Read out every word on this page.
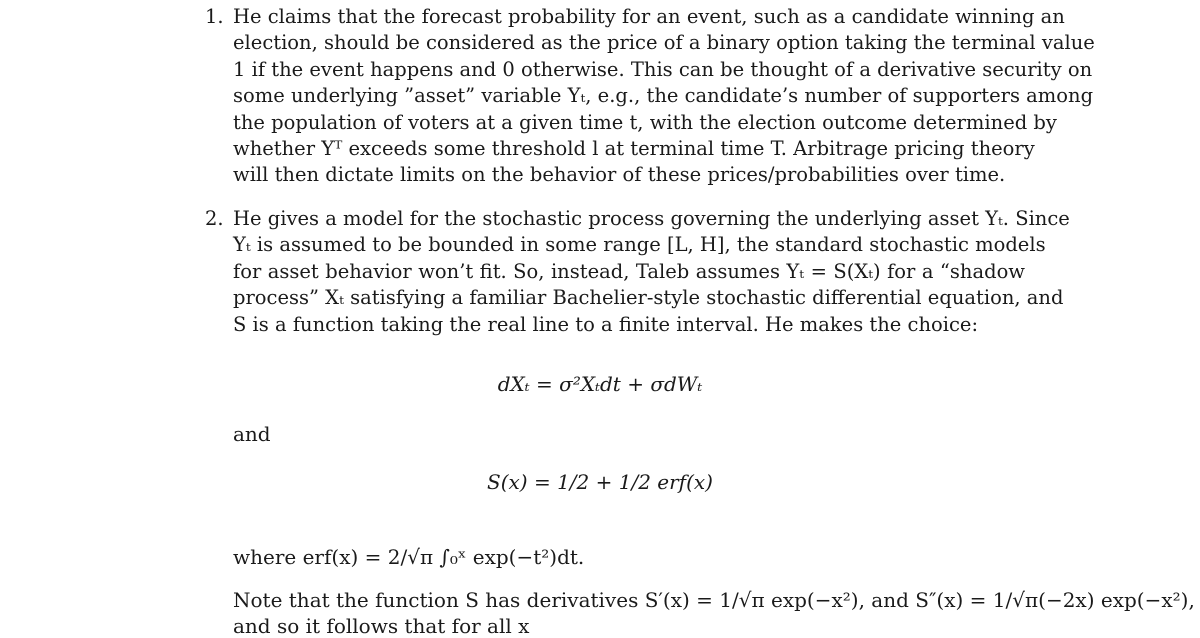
1. He claims that the forecast probability for an event, such as a candidate winning an
election, should be considered as the price of a binary option taking the terminal value
1 if the event happens and 0 otherwise. This can be thought of a derivative security on
some underlying ”asset” variable Yₜ, e.g., the candidate’s number of supporters among
the population of voters at a given time t, with the election outcome determined by
whether Yᵀ exceeds some threshold l at terminal time T. Arbitrage pricing theory
will then dictate limits on the behavior of these prices/probabilities over time.
2. He gives a model for the stochastic process governing the underlying asset Yₜ. Since
Yₜ is assumed to be bounded in some range [L, H], the standard stochastic models
for asset behavior won’t fit. So, instead, Taleb assumes Yₜ = S(Xₜ) for a “shadow
process” Xₜ satisfying a familiar Bachelier-style stochastic differential equation, and
S is a function taking the real line to a finite interval. He makes the choice:
dXₜ = σ²Xₜdt + σdWₜ
and
S(x) = 1/2 + 1/2 erf(x)
where erf(x) = 2/√π ∫₀ˣ exp(−t²)dt.
Note that the function S has derivatives S′(x) = 1/√π exp(−x²), and S″(x) = 1/√π(−2x) exp(−x²),
and so it follows that for all x
